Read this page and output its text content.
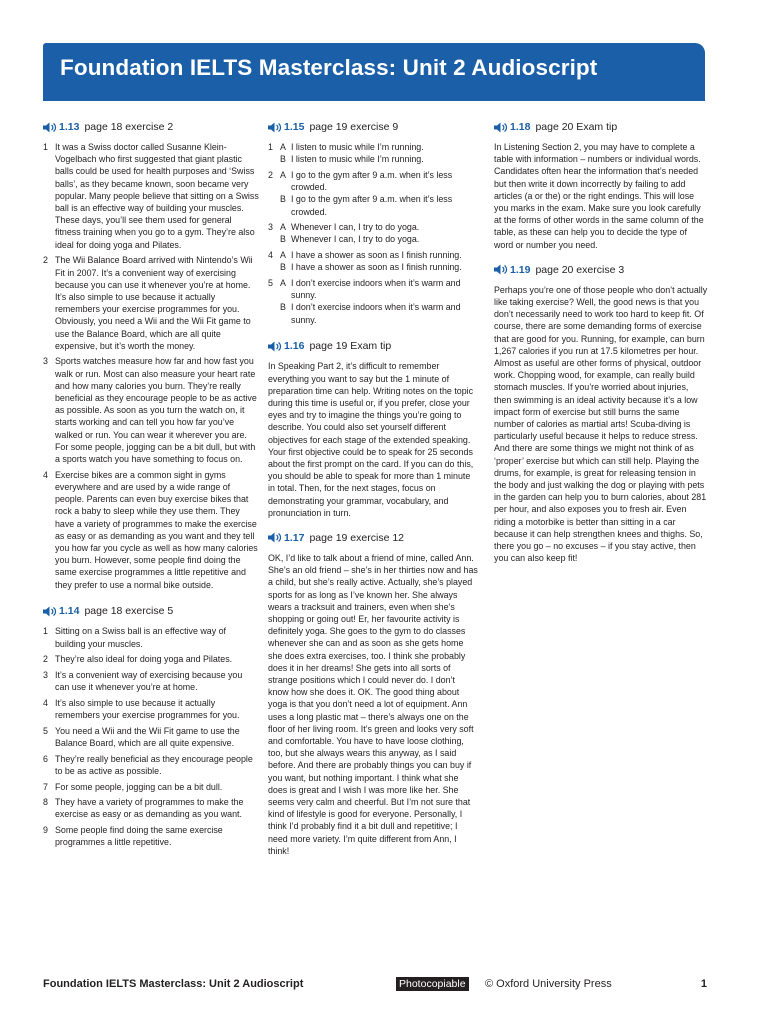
Foundation IELTS Masterclass: Unit 2 Audioscript
1.13 page 18 exercise 2
1 It was a Swiss doctor called Susanne Klein-Vogelbach who first suggested that giant plastic balls could be used for health purposes and ‘Swiss balls’, as they became known, soon became very popular. Many people believe that sitting on a Swiss ball is an effective way of building your muscles. These days, you’ll see them used for general fitness training when you go to a gym. They’re also ideal for doing yoga and Pilates.
2 The Wii Balance Board arrived with Nintendo’s Wii Fit in 2007. It’s a convenient way of exercising because you can use it whenever you’re at home. It’s also simple to use because it actually remembers your exercise programmes for you. Obviously, you need a Wii and the Wii Fit game to use the Balance Board, which are all quite expensive, but it’s worth the money.
3 Sports watches measure how far and how fast you walk or run. Most can also measure your heart rate and how many calories you burn. They’re really beneficial as they encourage people to be as active as possible. As soon as you turn the watch on, it starts working and can tell you how far you’ve walked or run. You can wear it wherever you are. For some people, jogging can be a bit dull, but with a sports watch you have something to focus on.
4 Exercise bikes are a common sight in gyms everywhere and are used by a wide range of people. Parents can even buy exercise bikes that rock a baby to sleep while they use them. They have a variety of programmes to make the exercise as easy or as demanding as you want and they tell you how far you cycle as well as how many calories you burn. However, some people find doing the same exercise programmes a little repetitive and they prefer to use a normal bike outside.
1.14 page 18 exercise 5
1 Sitting on a Swiss ball is an effective way of building your muscles.
2 They’re also ideal for doing yoga and Pilates.
3 It’s a convenient way of exercising because you can use it whenever you’re at home.
4 It’s also simple to use because it actually remembers your exercise programmes for you.
5 You need a Wii and the Wii Fit game to use the Balance Board, which are all quite expensive.
6 They’re really beneficial as they encourage people to be as active as possible.
7 For some people, jogging can be a bit dull.
8 They have a variety of programmes to make the exercise as easy or as demanding as you want.
9 Some people find doing the same exercise programmes a little repetitive.
1.15 page 19 exercise 9
1 A I listen to music while I’m running.
B I listen to music while I’m running.
2 A I go to the gym after 9 a.m. when it’s less crowded.
B I go to the gym after 9 a.m. when it’s less crowded.
3 A Whenever I can, I try to do yoga.
B Whenever I can, I try to do yoga.
4 A I have a shower as soon as I finish running.
B I have a shower as soon as I finish running.
5 A I don’t exercise indoors when it’s warm and sunny.
B I don’t exercise indoors when it’s warm and sunny.
1.16 page 19 Exam tip

In Speaking Part 2, it’s difficult to remember everything you want to say but the 1 minute of preparation time can help. Writing notes on the topic during this time is useful or, if you prefer, close your eyes and try to imagine the things you’re going to describe. You could also set yourself different objectives for each stage of the extended speaking. Your first objective could be to speak for 25 seconds about the first prompt on the card. If you can do this, you should be able to speak for more than 1 minute in total. Then, for the next stages, focus on demonstrating your grammar, vocabulary, and pronunciation in turn.

1.17 page 19 exercise 12

OK, I’d like to talk about a friend of mine, called Ann. She’s an old friend – she’s in her thirties now and has a child, but she’s really active. Actually, she’s played sports for as long as I’ve known her. She always wears a tracksuit and trainers, even when she’s shopping or going out! Er, her favourite activity is definitely yoga. She goes to the gym to do classes whenever she can and as soon as she gets home she does extra exercises, too. I think she probably does it in her dreams! She gets into all sorts of strange positions which I could never do. I don’t know how she does it. OK. The good thing about yoga is that you don’t need a lot of equipment. Ann uses a long plastic mat – there’s always one on the floor of her living room. It’s green and looks very soft and comfortable. You have to have loose clothing, too, but she always wears this anyway, as I said before. And there are probably things you can buy if you want, but nothing important. I think what she does is great and I wish I was more like her. She seems very calm and cheerful. But I’m not sure that kind of lifestyle is good for everyone. Personally, I think I’d probably find it a bit dull and repetitive; I need more variety. I’m quite different from Ann, I think!

1.18 page 20 Exam tip

In Listening Section 2, you may have to complete a table with information – numbers or individual words. Candidates often hear the information that’s needed but then write it down incorrectly by failing to add articles (a or the) or the right endings. This will lose you marks in the exam. Make sure you look carefully at the forms of other words in the same column of the table, as these can help you to decide the type of word or number you need.

1.19 page 20 exercise 3

Perhaps you’re one of those people who don’t actually like taking exercise? Well, the good news is that you don’t necessarily need to work too hard to keep fit. Of course, there are some demanding forms of exercise that are good for you. Running, for example, can burn 1,267 calories if you run at 17.5 kilometres per hour. Almost as useful are other forms of physical, outdoor work. Chopping wood, for example, can really build stomach muscles. If you’re worried about injuries, then swimming is an ideal activity because it’s a low impact form of exercise but still burns the same number of calories as martial arts! Scuba-diving is particularly useful because it helps to reduce stress. And there are some things we might not think of as ‘proper’ exercise but which can still help. Playing the drums, for example, is great for releasing tension in the body and just walking the dog or playing with pets in the garden can help you to burn calories, about 281 per hour, and also exposes you to fresh air. Even riding a motorbike is better than sitting in a car because it can help strengthen knees and thighs. So, there you go – no excuses – if you stay active, then you can also keep fit!

Foundation IELTS Masterclass: Unit 2 Audioscript	Photocopiable © Oxford University Press	1
